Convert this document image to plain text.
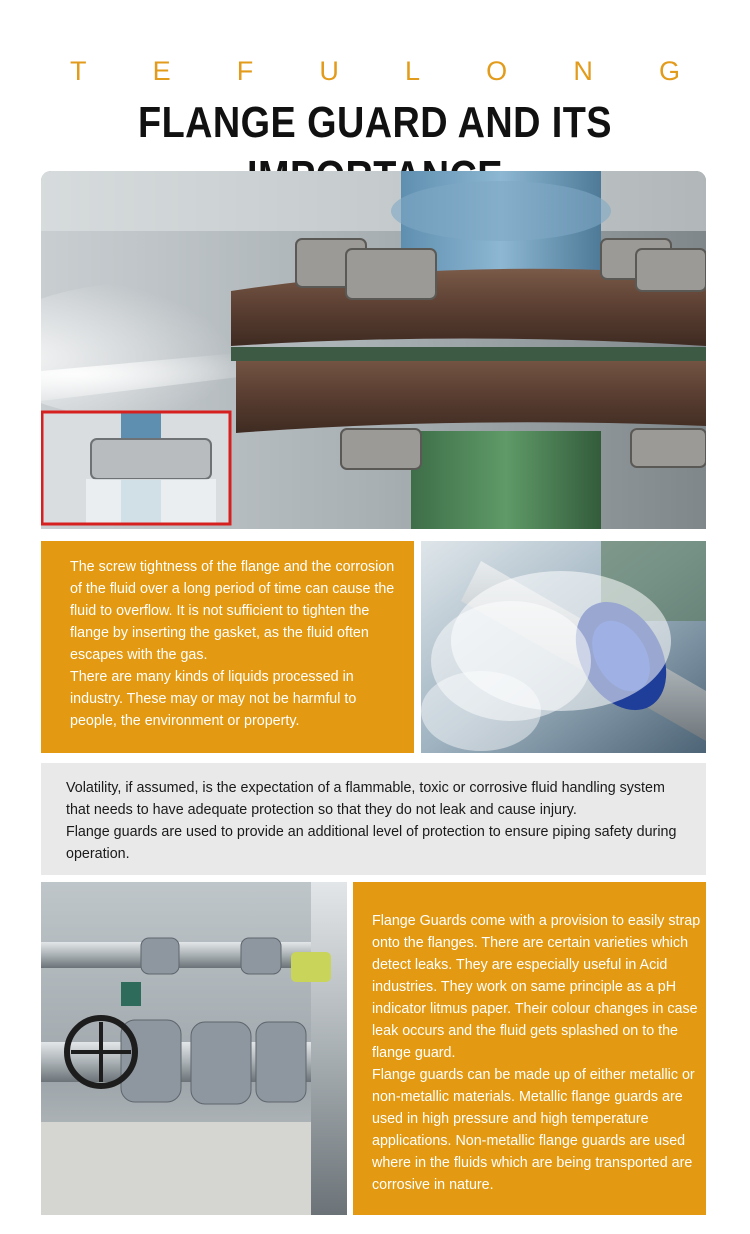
T E F U L O N G
FLANGE GUARD AND ITS

The screw tightness of the flange and the corrosion of the fluid over a long period of time can cause the fluid to overflow. It is not sufficient to tighten the flange by inserting the gasket, as the fluid often escapes with the gas.
There are many kinds of liquids processed in industry. These may or may not be harmful to people, the environment or property.

Volatility, if assumed, is the expectation of a flammable, toxic or corrosive fluid handling system that needs to have adequate protection so that they do not leak and cause injury.
Flange guards are used to provide an additional level of protection to ensure piping safety during operation.

Flange Guards come with a provision to easily strap onto the flanges. There are certain varieties which detect leaks. They are especially useful in Acid industries. They work on same principle as a pH indicator litmus paper. Their colour changes in case leak occurs and the fluid gets splashed on to the flange guard.
Flange guards can be made up of either metallic or non-metallic materials. Metallic flange guards are used in high pressure and high temperature applications. Non-metallic flange guards are used where in the fluids which are being transported are corrosive in nature.
